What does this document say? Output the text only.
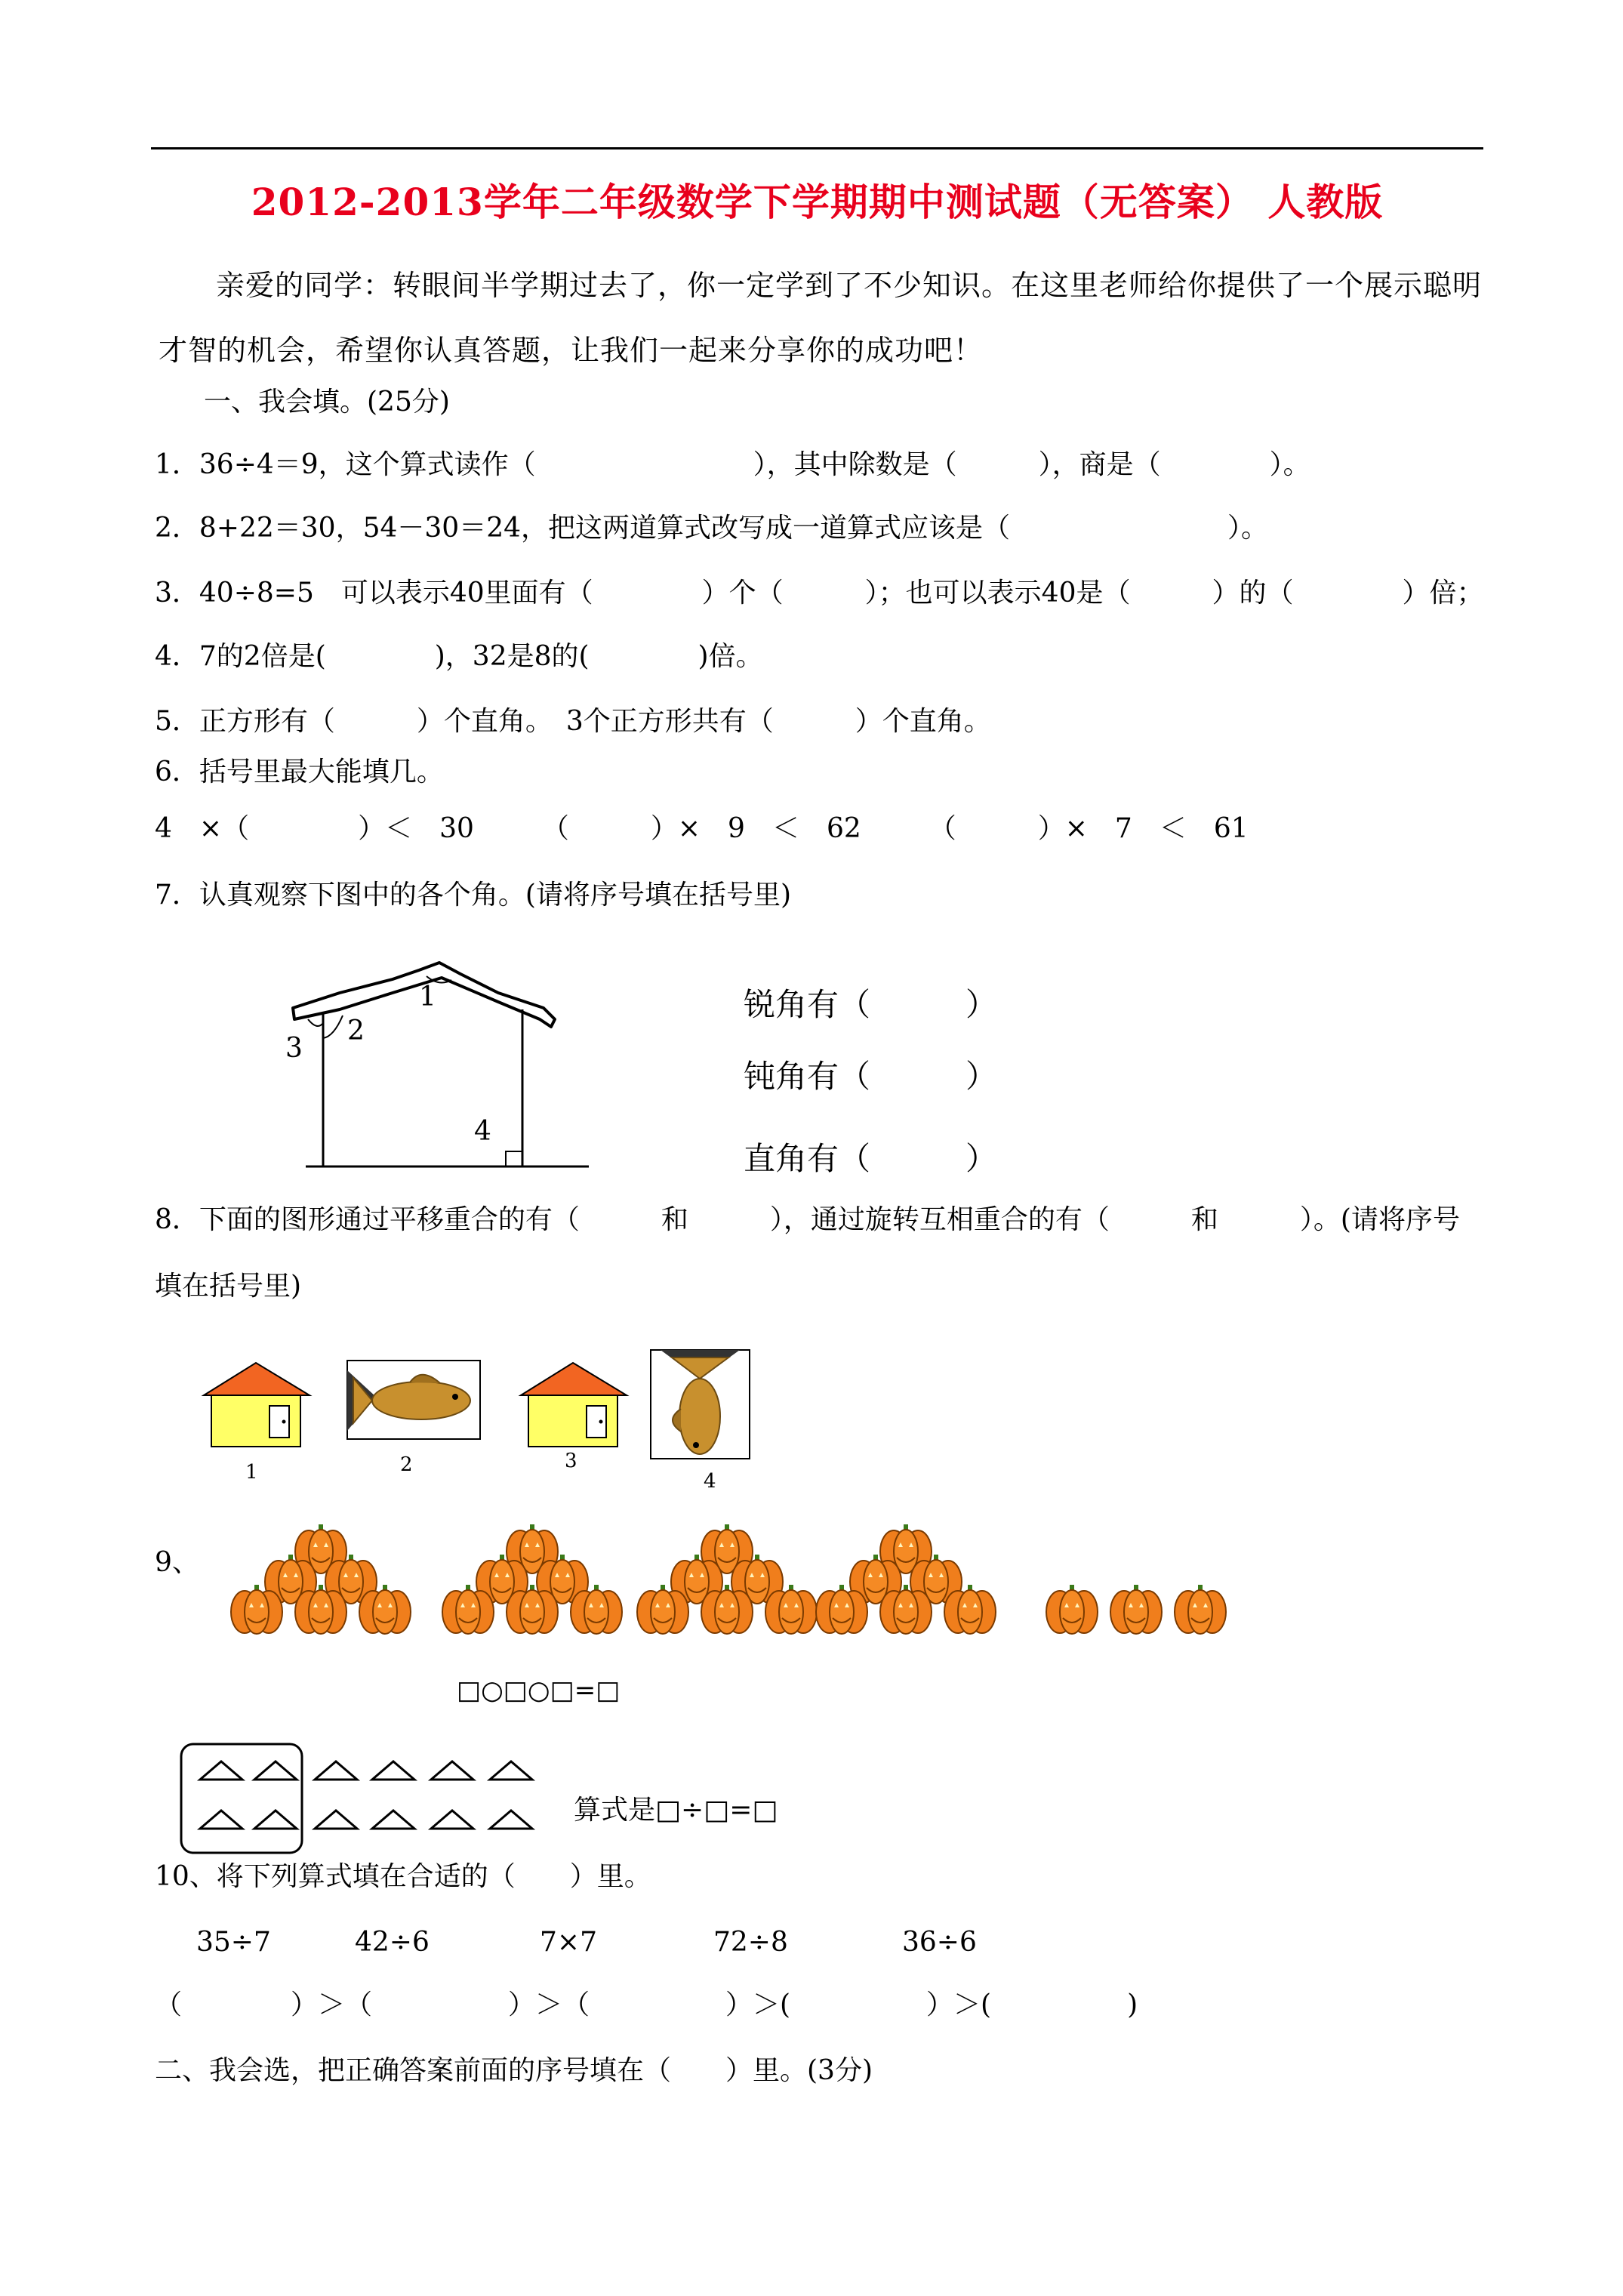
2012-2013学年二年级数学下学期期中测试题（无答案） 人教版
亲爱的同学：转眼间半学期过去了，你一定学到了不少知识。在这里老师给你提供了一个展示聪明才智的机会，希望你认真答题，让我们一起来分享你的成功吧！
一、我会填。(25分)
1．36÷4＝9，这个算式读作（　　　　　　　　），其中除数是（　　　），商是（　　　　）。
2．8+22＝30，54－30＝24，把这两道算式改写成一道算式应该是（　　　　　　　　）。
3．40÷8=5　可以表示40里面有（　　　　）个（　　　）；也可以表示40是（　　　）的（　　　　）倍；
4．7的2倍是(　　　　)，32是8的(　　　　)倍。
5．正方形有（　　　）个直角。　3个正方形共有（　　　）个直角。
6．括号里最大能填几。
4　×（　　　　）＜　30　　　（　　　）×　9　＜　62　　　（　　　）×　7　＜　61
7．认真观察下图中的各个角。(请将序号填在括号里)
1
2
3
4
锐角有（　　　）
钝角有（　　　）
直角有（　　　）
8．下面的图形通过平移重合的有（　　　和　　　），通过旋转互相重合的有（　　　和　　　）。(请将序号
填在括号里)
1	2	3
4
9、
□○□○□=□
算式是□÷□=□
10、将下列算式填在合适的（　　）里。
35÷7	42÷6	7×7	72÷8	36÷6
（　　　　）＞（　　　　　）＞（　　　　　）＞(　　　　　）＞(　　　　　)
二、我会选，把正确答案前面的序号填在（　　）里。(3分)
